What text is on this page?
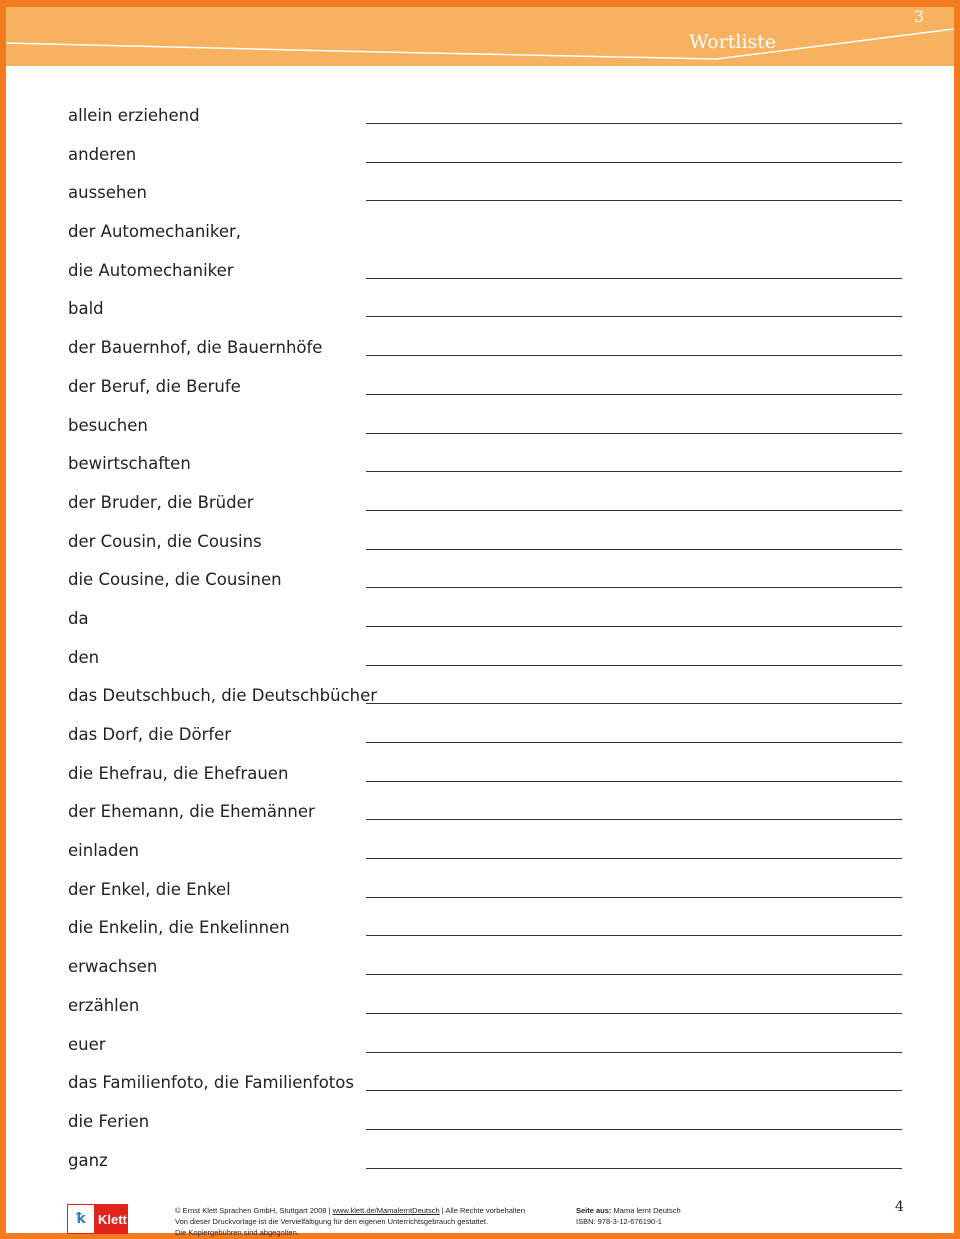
3
Wortliste
allein erziehend
anderen
aussehen
der Automechaniker,
die Automechaniker
bald
der Bauernhof, die Bauernhöfe
der Beruf, die Berufe
besuchen
bewirtschaften
der Bruder, die Brüder
der Cousin, die Cousins
die Cousine, die Cousinen
da
den
das Deutschbuch, die Deutschbücher
das Dorf, die Dörfer
die Ehefrau, die Ehefrauen
der Ehemann, die Ehemänner
einladen
der Enkel, die Enkel
die Enkelin, die Enkelinnen
erwachsen
erzählen
euer
das Familienfoto, die Familienfotos
die Ferien
ganz
ꝁ Klett
© Ernst Klett Sprachen GmbH, Stuttgart 2008 | www.klett.de/MamalerntDeutsch | Alle Rechte vorbehalten
Von dieser Druckvorlage ist die Vervielfältigung für den eigenen Unterrichtsgebrauch gestattet.
Die Kopiergebühren sind abgegolten.
Seite aus: Mama lernt Deutsch
ISBN: 978-3-12-676190-1
4
